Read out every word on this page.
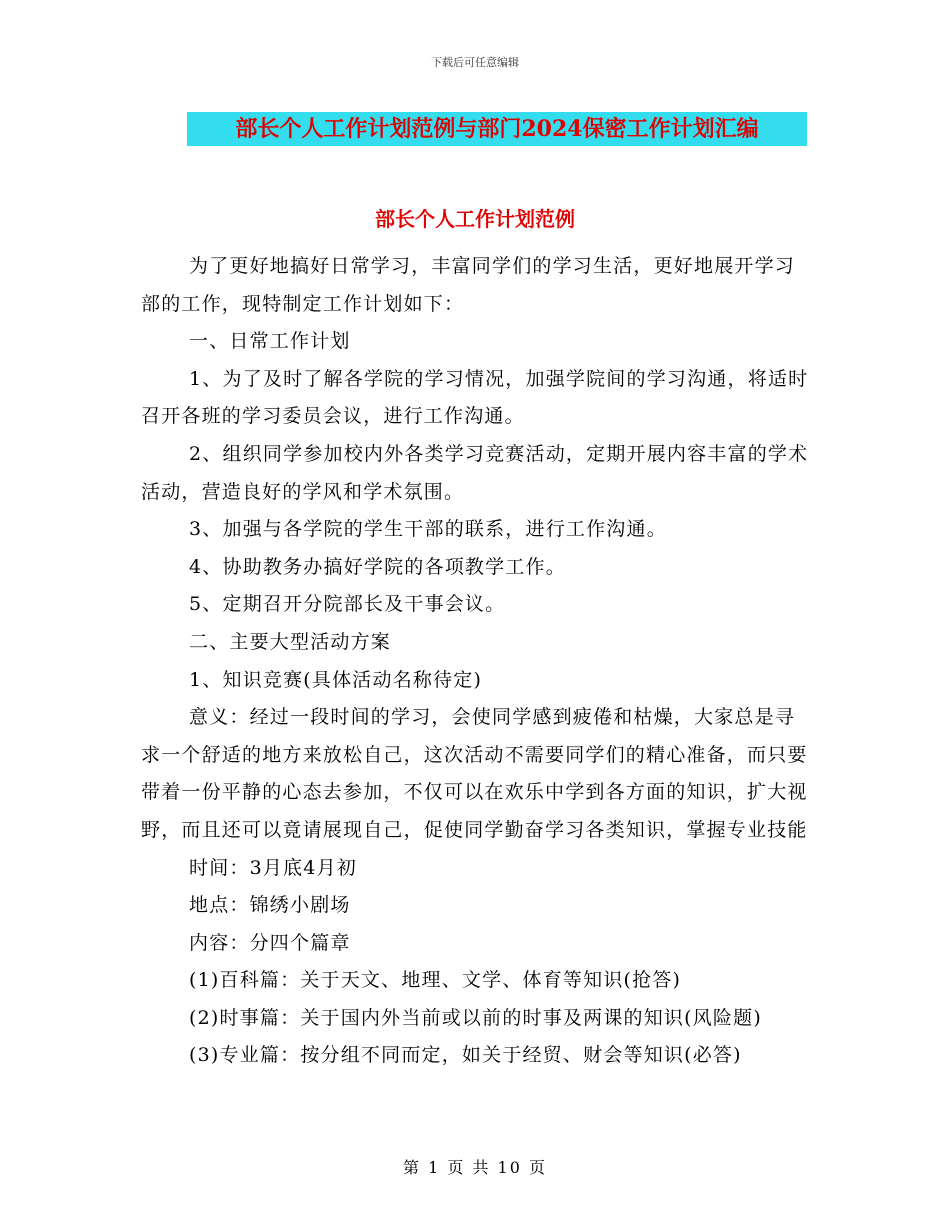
下载后可任意编辑
部长个人工作计划范例与部门2024保密工作计划汇编
部长个人工作计划范例

为了更好地搞好日常学习，丰富同学们的学习生活，更好地展开学习部的工作，现特制定工作计划如下：

一、日常工作计划

1、为了及时了解各学院的学习情况，加强学院间的学习沟通，将适时召开各班的学习委员会议，进行工作沟通。

2、组织同学参加校内外各类学习竞赛活动，定期开展内容丰富的学术活动，营造良好的学风和学术氛围。

3、加强与各学院的学生干部的联系，进行工作沟通。

4、协助教务办搞好学院的各项教学工作。

5、定期召开分院部长及干事会议。

二、主要大型活动方案

1、知识竞赛(具体活动名称待定)

意义：经过一段时间的学习，会使同学感到疲倦和枯燥，大家总是寻求一个舒适的地方来放松自己，这次活动不需要同学们的精心准备，而只要带着一份平静的心态去参加，不仅可以在欢乐中学到各方面的知识，扩大视野，而且还可以竟请展现自己，促使同学勤奋学习各类知识，掌握专业技能

时间：3月底4月初

地点：锦绣小剧场

内容：分四个篇章

(1)百科篇：关于天文、地理、文学、体育等知识(抢答)

(2)时事篇：关于国内外当前或以前的时事及两课的知识(风险题)

(3)专业篇：按分组不同而定，如关于经贸、财会等知识(必答)

第 1 页 共 10 页
